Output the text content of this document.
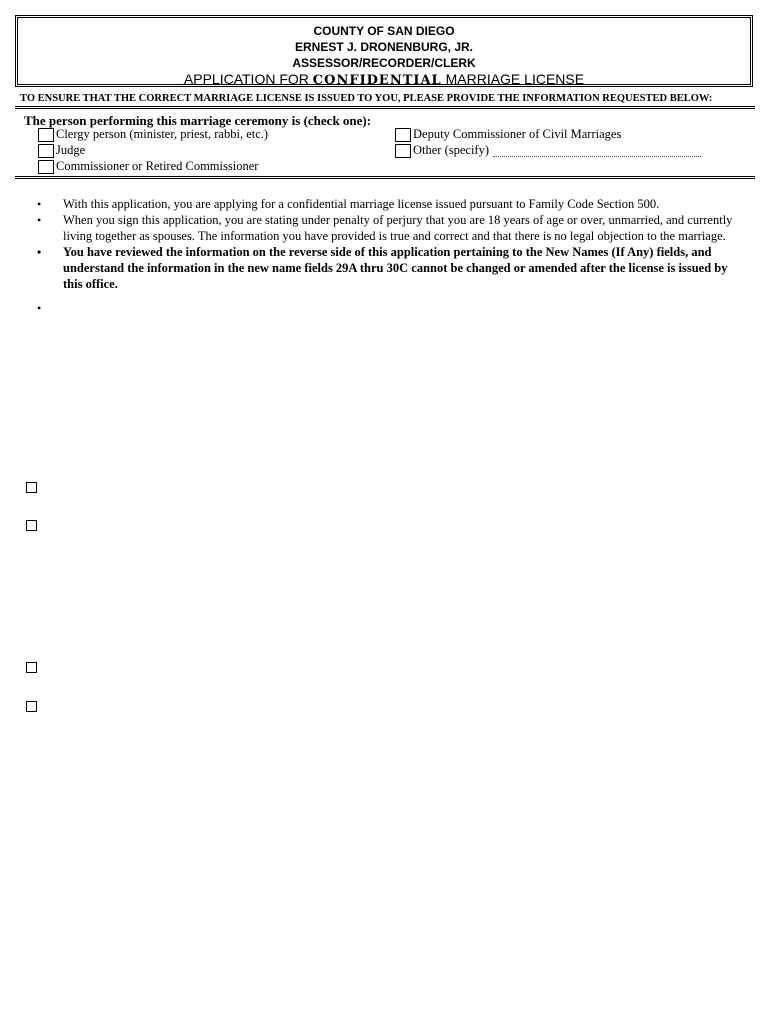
COUNTY OF SAN DIEGO
ERNEST J. DRONENBURG, JR.
ASSESSOR/RECORDER/CLERK
APPLICATION FOR CONFIDENTIAL MARRIAGE LICENSE
TO ENSURE THAT THE CORRECT MARRIAGE LICENSE IS ISSUED TO YOU, PLEASE PROVIDE THE INFORMATION REQUESTED BELOW:
The person performing this marriage ceremony is (check one):
Clergy person (minister, priest, rabbi, etc.)
Judge
Commissioner or Retired Commissioner
Deputy Commissioner of Civil Marriages
Other (specify)
• With this application, you are applying for a confidential marriage license issued pursuant to Family Code Section 500.
• When you sign this application, you are stating under penalty of perjury that you are 18 years of age or over, unmarried, and currently living together as spouses. The information you have provided is true and correct and that there is no legal objection to the marriage.
• You have reviewed the information on the reverse side of this application pertaining to the New Names (If Any) fields, and understand the information in the new name fields 29A thru 30C cannot be changed or amended after the license is issued by this office.
•
